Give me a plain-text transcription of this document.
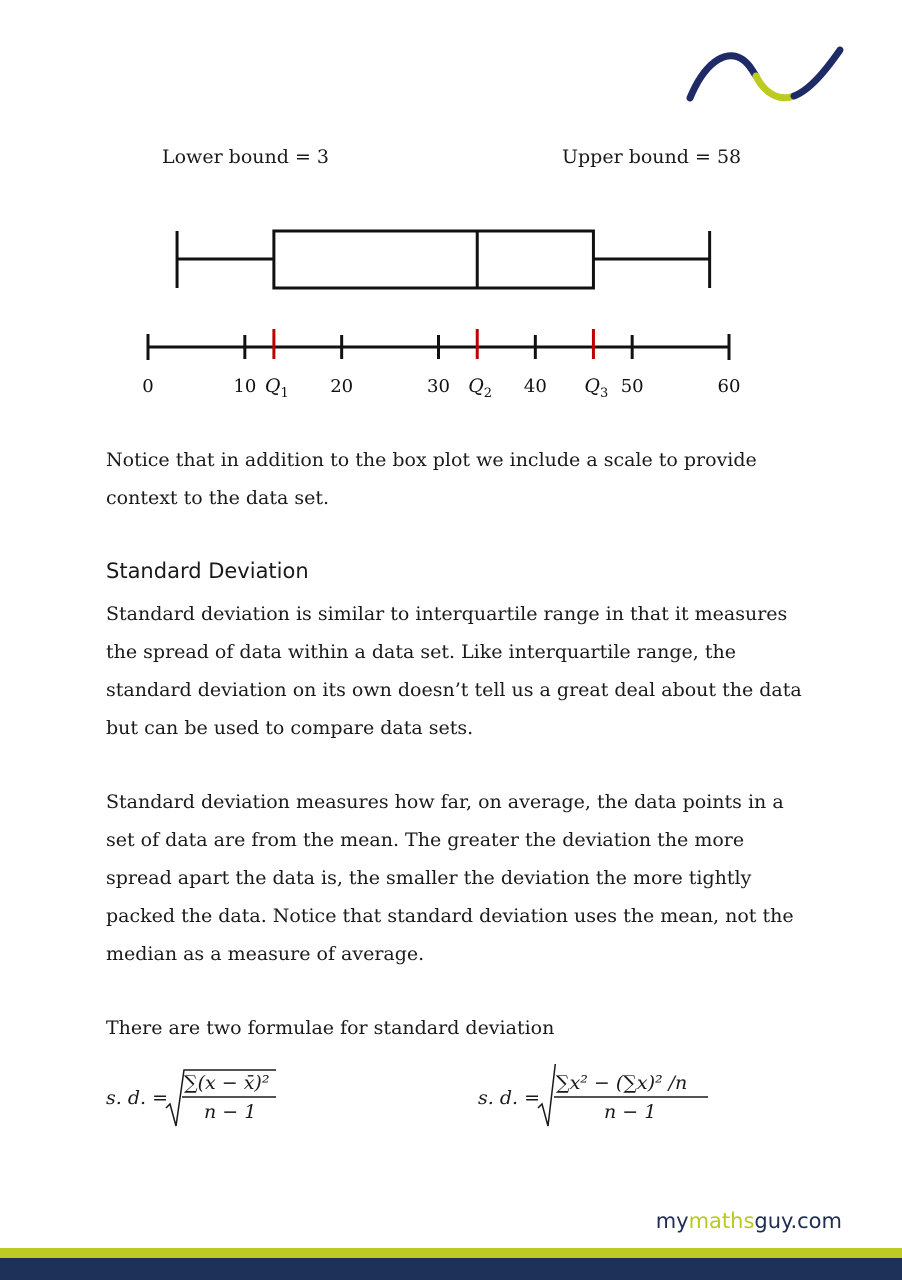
Lower bound = 3	Upper bound = 58
0	10	20	30	40	50	60
$Q_1$	$Q_2$	$Q_3$

Notice that in addition to the box plot we include a scale to provide context to the data set.

Standard Deviation

Standard deviation is similar to interquartile range in that it measures the spread of data within a data set. Like interquartile range, the standard deviation on its own doesn’t tell us a great deal about the data but can be used to compare data sets.

Standard deviation measures how far, on average, the data points in a set of data are from the mean. The greater the deviation the more spread apart the data is, the smaller the deviation the more tightly packed the data. Notice that standard deviation uses the mean, not the median as a measure of average.

There are two formulae for standard deviation

s. d. =
∑(x − x̄)²
n − 1
s. d. =
∑x² − (∑x)² /n
n − 1
mymathsguy.com
